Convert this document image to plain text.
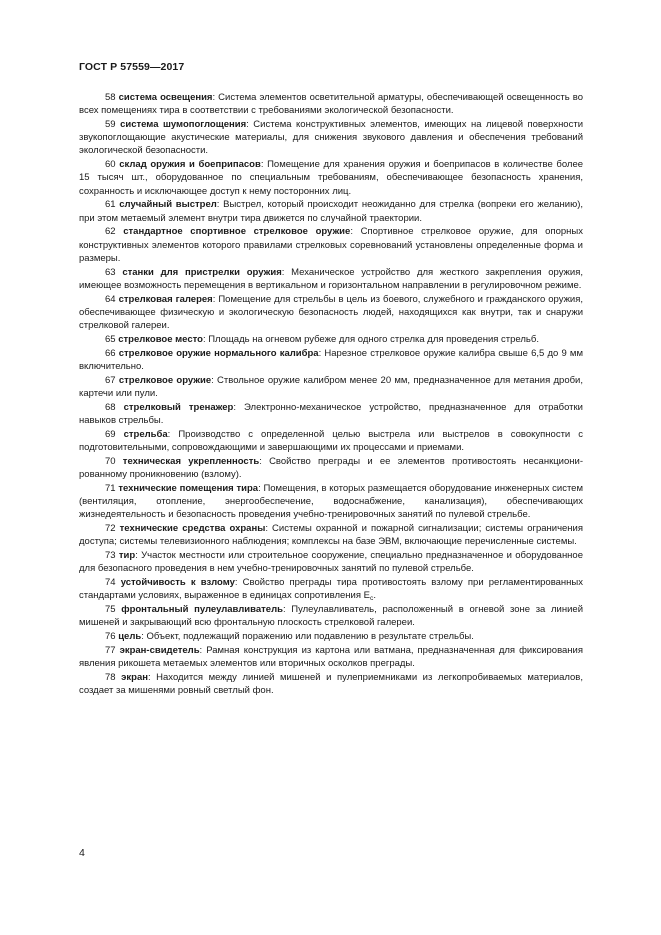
ГОСТ Р 57559—2017

58 система освещения: Система элементов осветительной арматуры, обеспечивающей освещенность во всех помещениях тира в соответствии с требованиями экологической безопасности.

59 система шумопоглощения: Система конструктивных элементов, имеющих на лицевой поверхности звукопоглощающие акустические материалы, для снижения звукового давления и обеспечения требований экологической безопасности.

60 склад оружия и боеприпасов: Помещение для хранения оружия и боеприпасов в количестве более 15 тысяч шт., оборудованное по специальным требованиям, обеспечивающее безопасность хранения, сохранность и исключающее доступ к нему посторонних лиц.

61 случайный выстрел: Выстрел, который происходит неожиданно для стрелка (вопреки его желанию), при этом метаемый элемент внутри тира движется по случайной траектории.

62 стандартное спортивное стрелковое оружие: Спортивное стрелковое оружие, для опорных конструктивных элементов которого правилами стрелковых соревнований установлены определенные форма и размеры.

63 станки для пристрелки оружия: Механическое устройство для жесткого закрепления оружия, имеющее возможность перемещения в вертикальном и горизонтальном направлении в регулировочном режиме.

64 стрелковая галерея: Помещение для стрельбы в цель из боевого, служебного и гражданского оружия, обеспечивающее физическую и экологическую безопасность людей, находящихся как внутри, так и снаружи стрелковой галереи.

65 стрелковое место: Площадь на огневом рубеже для одного стрелка для проведения стрельб.

66 стрелковое оружие нормального калибра: Нарезное стрелковое оружие калибра свыше 6,5 до 9 мм включительно.

67 стрелковое оружие: Ствольное оружие калибром менее 20 мм, предназначенное для метания дроби, картечи или пули.

68 стрелковый тренажер: Электронно-механическое устройство, предназначенное для отработки навыков стрельбы.

69 стрельба: Производство с определенной целью выстрела или выстрелов в совокупности с подготовительными, сопровождающими и завершающими их процессами и приемами.

70 техническая укрепленность: Свойство преграды и ее элементов противостоять несанкционированному проникновению (взлому).

71 технические помещения тира: Помещения, в которых размещается оборудование инженерных систем (вентиляция, отопление, энергообеспечение, водоснабжение, канализация), обеспечивающих жизнедеятельность и безопасность проведения учебно-тренировочных занятий по пулевой стрельбе.

72 технические средства охраны: Системы охранной и пожарной сигнализации; системы ограничения доступа; системы телевизионного наблюдения; комплексы на базе ЭВМ, включающие перечисленные системы.

73 тир: Участок местности или строительное сооружение, специально предназначенное и оборудованное для безопасного проведения в нем учебно-тренировочных занятий по пулевой стрельбе.

74 устойчивость к взлому: Свойство преграды тира противостоять взлому при регламентированных стандартами условиях, выраженное в единицах сопротивления $E_с$.

75 фронтальный пулеулавливатель: Пулеулавливатель, расположенный в огневой зоне за линией мишеней и закрывающий всю фронтальную плоскость стрелковой галереи.

76 цель: Объект, подлежащий поражению или подавлению в результате стрельбы.

77 экран-свидетель: Рамная конструкция из картона или ватмана, предназначенная для фиксирования явления рикошета метаемых элементов или вторичных осколков преграды.

78 экран: Находится между линией мишеней и пулеприемниками из легкопробиваемых материалов, создает за мишенями ровный светлый фон.

4
